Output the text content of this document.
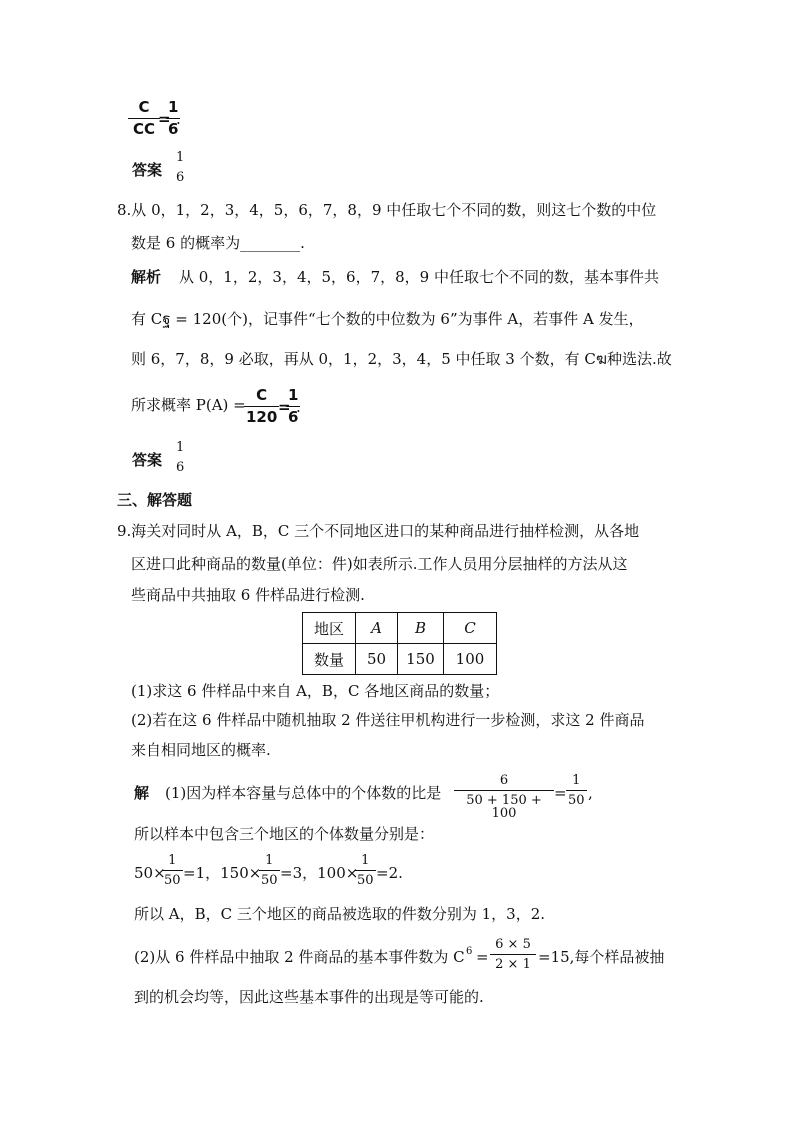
$\frac{C}{CC}$
=
$\frac{1}{6}$
.
答案 $\frac{1}{6}$
8.从 0，1，2，3，4，5，6，7，8，9 中任取七个不同的数，则这七个数的中位
数是 6 的概率为________.
解析 从 0，1，2，3，4，5，6，7，8，9 中任取七个不同的数，基本事件共
有 Cฐ = 120(个)，记事件“七个数的中位数为 6”为事件 A，若事件 A 发生，
则 6，7，8，9 必取，再从 0，1，2，3，4，5 中任取 3 个数，有 Cฆ种选法.故
所求概率 P(A) =
$\frac{C}{120}$
=
$\frac{1}{6}$
.
答案 $\frac{1}{6}$
三、解答题
9.海关对同时从 A，B，C 三个不同地区进口的某种商品进行抽样检测，从各地
区进口此种商品的数量(单位：件)如表所示.工作人员用分层抽样的方法从这
些商品中共抽取 6 件样品进行检测.
地区	A	B	C
数量	50	150	100
(1)求这 6 件样品中来自 A，B，C 各地区商品的数量；
(2)若在这 6 件样品中随机抽取 2 件送往甲机构进行一步检测，求这 2 件商品
来自相同地区的概率.
解 (1)因为样本容量与总体中的个体数的比是 $\frac{6}{50 + 150 + 100} = \frac{1}{50}$ ,
所以样本中包含三个地区的个体数量分别是：
50×
$\frac{1}{50} =1$，150×
$\frac{1}{50} =3$，100×
$\frac{1}{50} =2$.
所以 A，B，C 三个地区的商品被选取的件数分别为 1，3，2.
(2)从 6 件样品中抽取 2 件商品的基本事件数为 C $6 = \frac{6 \times 5}{2 \times 1} =15$,每个样品被抽
到的机会均等，因此这些基本事件的出现是等可能的.
